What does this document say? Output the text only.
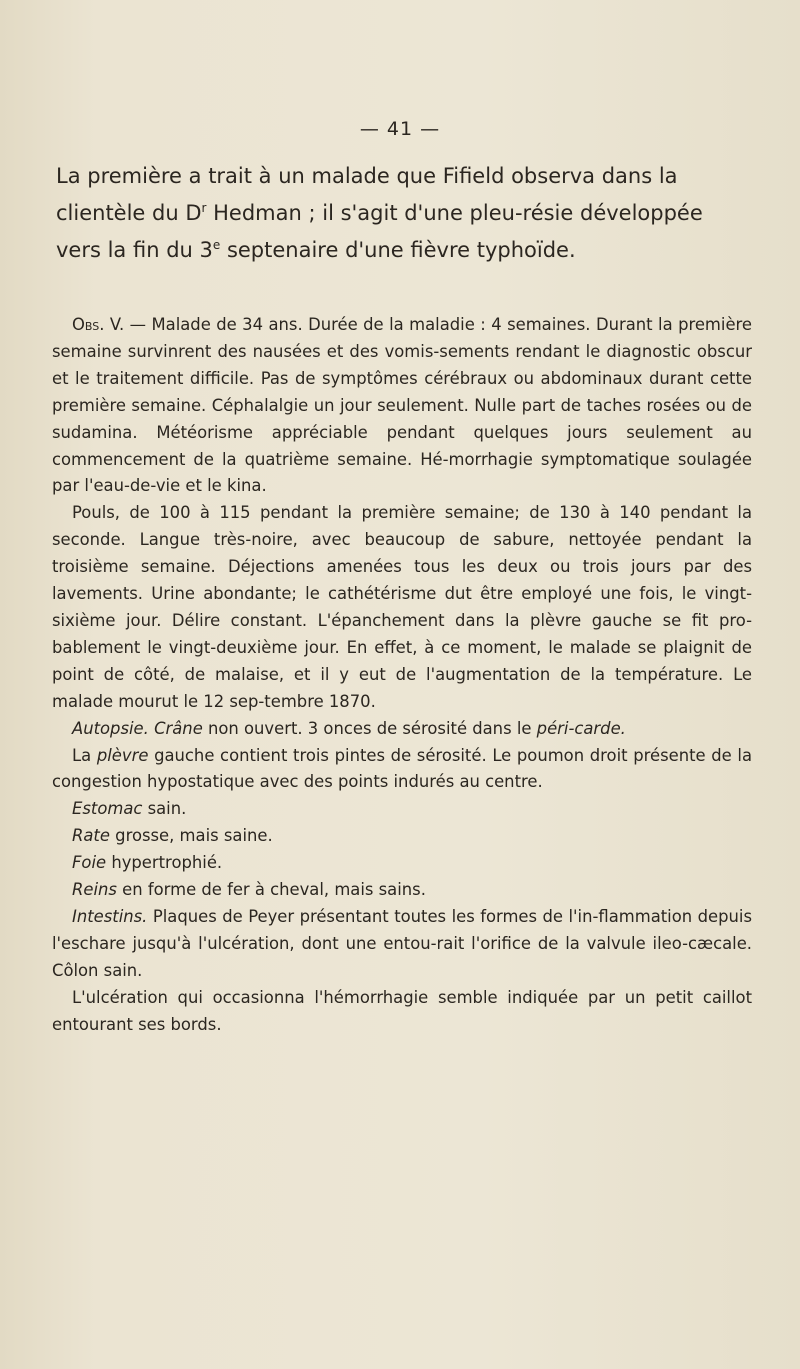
— 41 —

La première a trait à un malade que Fifield observa dans la clientèle du $D^r$ Hedman ; il s'agit d'une pleu-résie développée vers la fin du 3e septenaire d'une fièvre typhoïde.

Obs. V. — Malade de 34 ans. Durée de la maladie : 4 semaines. Durant la première semaine survinrent des nausées et des vomis-sements rendant le diagnostic obscur et le traitement difficile. Pas de symptômes cérébraux ou abdominaux durant cette première semaine. Céphalalgie un jour seulement. Nulle part de taches rosées ou de sudamina. Météorisme appréciable pendant quelques jours seulement au commencement de la quatrième semaine. Hé-morrhagie symptomatique soulagée par l'eau-de-vie et le kina.

Pouls, de 100 à 115 pendant la première semaine; de 130 à 140 pendant la seconde. Langue très-noire, avec beaucoup de sabure, nettoyée pendant la troisième semaine. Déjections amenées tous les deux ou trois jours par des lavements. Urine abondante; le cathétérisme dut être employé une fois, le vingt-sixième jour. Délire constant. L'épanchement dans la plèvre gauche se fit pro-bablement le vingt-deuxième jour. En effet, à ce moment, le malade se plaignit de point de côté, de malaise, et il y eut de l'augmentation de la température. Le malade mourut le 12 sep-tembre 1870.

Autopsie. Crâne non ouvert. 3 onces de sérosité dans le péri-carde.

La plèvre gauche contient trois pintes de sérosité. Le poumon droit présente de la congestion hypostatique avec des points indurés au centre.

Estomac sain.

Rate grosse, mais saine.

Foie hypertrophié.

Reins en forme de fer à cheval, mais sains.

Intestins. Plaques de Peyer présentant toutes les formes de l'in-flammation depuis l'eschare jusqu'à l'ulcération, dont une entou-rait l'orifice de la valvule ileo-cæcale. Côlon sain.

L'ulcération qui occasionna l'hémorrhagie semble indiquée par un petit caillot entourant ses bords.
